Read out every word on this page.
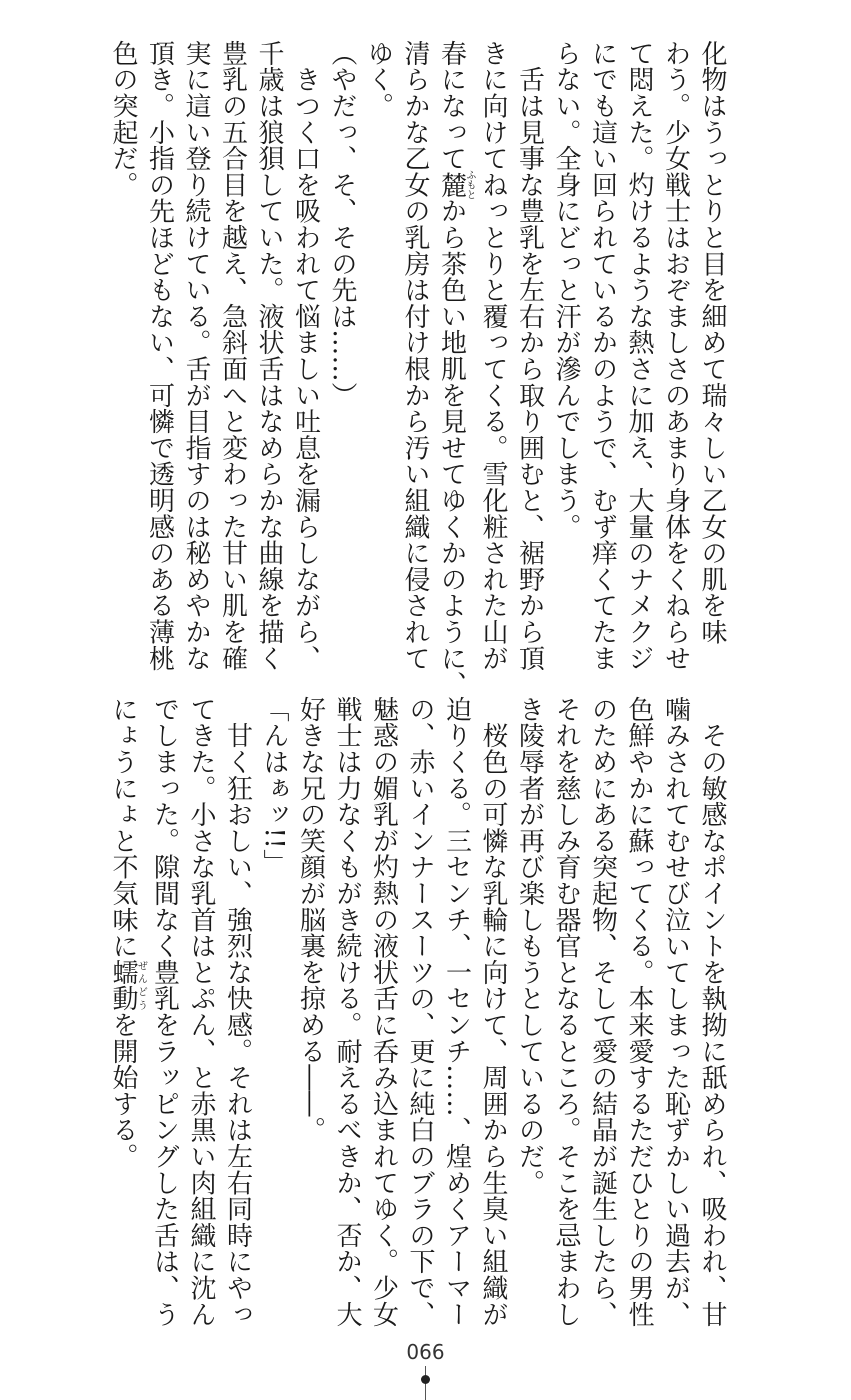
化物はうっとりと目を細めて瑞々しい乙女の肌を味
わう。少女戦士はおぞましさのあまり身体をくねらせ
て悶えた。灼けるような熱さに加え、大量のナメクジ
にでも這い回られているかのようで、むず痒くてたま
らない。全身にどっと汗が滲んでしまう。
　舌は見事な豊乳を左右から取り囲むと、裾野から頂
きに向けてねっとりと覆ってくる。雪化粧された山が
春になって麓ふもとから茶色い地肌を見せてゆくかのように、
清らかな乙女の乳房は付け根から汚い組織に侵されて
ゆく。
（やだっ、そ、その先は……）
　きつく口を吸われて悩ましい吐息を漏らしながら、
千歳は狼狽していた。液状舌はなめらかな曲線を描く
豊乳の五合目を越え、急斜面へと変わった甘い肌を確
実に這い登り続けている。舌が目指すのは秘めやかな
頂き。小指の先ほどもない、可憐で透明感のある薄桃
色の突起だ。
　その敏感なポイントを執拗に舐められ、吸われ、甘
噛みされてむせび泣いてしまった恥ずかしい過去が、
色鮮やかに蘇ってくる。本来愛するただひとりの男性
のためにある突起物、そして愛の結晶が誕生したら、
それを慈しみ育む器官となるところ。そこを忌まわし
き陵辱者が再び楽しもうとしているのだ。
　桜色の可憐な乳輪に向けて、周囲から生臭い組織が
迫りくる。三センチ、一センチ……、煌めくアーマー
の、赤いインナースーツの、更に純白のブラの下で、
魅惑の媚乳が灼熱の液状舌に呑み込まれてゆく。少女
戦士は力なくもがき続ける。耐えるべきか、否か、大
好きな兄の笑顔が脳裏を掠める――。
「んはぁッ!!」
　甘く狂おしい、強烈な快感。それは左右同時にやっ
てきた。小さな乳首はとぷん、と赤黒い肉組織に沈ん
でしまった。隙間なく豊乳をラッピングした舌は、う
にょうにょと不気味に蠕動ぜんどうを開始する。
066
